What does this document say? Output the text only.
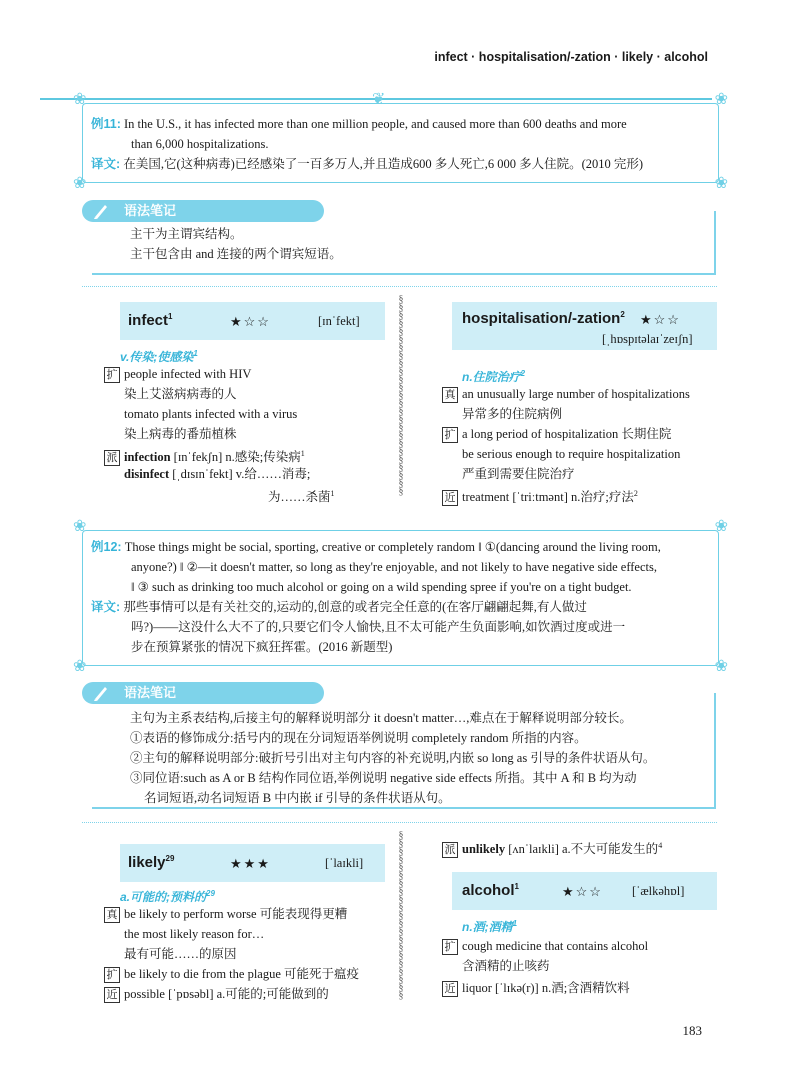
infect · hospitalisation/-zation · likely · alcohol
❦
❀	❀
❀	❀
例11: In the U.S., it has infected more than one million people, and caused more than 600 deaths and more
than 6,000 hospitalizations.
译文: 在美国,它(这种病毒)已经感染了一百多万人,并且造成600 多人死亡,6 000 多人住院。(2010 完形)
语法笔记
主干为主谓宾结构。
主干包含由 and 连接的两个谓宾短语。
§§§§§§§§§§§§§§§§§§§§§§§§§
infect$^1$	★☆☆	[ɪnˈfekt]
v.传染;使感染$^1$
扩 people infected with HIV
染上艾滋病病毒的人
tomato plants infected with a virus
染上病毒的番茄植株
派 infection [ɪnˈfekʃn] n.感染;传染病$^1$
disinfect [ˌdɪsɪnˈfekt] v.给……消毒;
为……杀菌$^1$
hospitalisation/-zation$^2$ ★☆☆
[ˌhɒspɪtəlaɪˈzeɪʃn]
n.住院治疗$^2$
真 an unusually large number of hospitalizations
异常多的住院病例
扩 a long period of hospitalization 长期住院
be serious enough to require hospitalization
严重到需要住院治疗
近 treatment [ˈtriːtmənt] n.治疗;疗法$^2$
❀	❀
❀	❀
例12: Those things might be social, sporting, creative or completely random ‖ ①(dancing around the living room,
anyone?) ‖ ②—it doesn't matter, so long as they're enjoyable, and not likely to have negative side effects,
‖ ③ such as drinking too much alcohol or going on a wild spending spree if you're on a tight budget.
译文: 那些事情可以是有关社交的,运动的,创意的或者完全任意的(在客厅翩翩起舞,有人做过
吗?)——这没什么大不了的,只要它们令人愉快,且不太可能产生负面影响,如饮酒过度或进一
步在预算紧张的情况下疯狂挥霍。(2016 新题型)
语法笔记
主句为主系表结构,后接主句的解释说明部分 it doesn't matter…,难点在于解释说明部分较长。
①表语的修饰成分:括号内的现在分词短语举例说明 completely random 所指的内容。
②主句的解释说明部分:破折号引出对主句内容的补充说明,内嵌 so long as 引导的条件状语从句。
③同位语:such as A or B 结构作同位语,举例说明 negative side effects 所指。其中 A 和 B 均为动
名词短语,动名词短语 B 中内嵌 if 引导的条件状语从句。
§§§§§§§§§§§§§§§§§§§§§
likely$^{29}$	★★★	[ˈlaɪkli]
a.可能的;预料的$^{29}$
真 be likely to perform worse 可能表现得更糟
the most likely reason for…
最有可能……的原因
扩 be likely to die from the plague 可能死于瘟疫
近 possible [ˈpɒsəbl] a.可能的;可能做到的
派 unlikely [ʌnˈlaɪkli] a.不大可能发生的$^4$
alcohol$^1$	★☆☆ [ˈælkəhɒl]
n.酒;酒精$^1$
扩 cough medicine that contains alcohol
含酒精的止咳药
近 liquor [ˈlɪkə(r)] n.酒;含酒精饮料
183
